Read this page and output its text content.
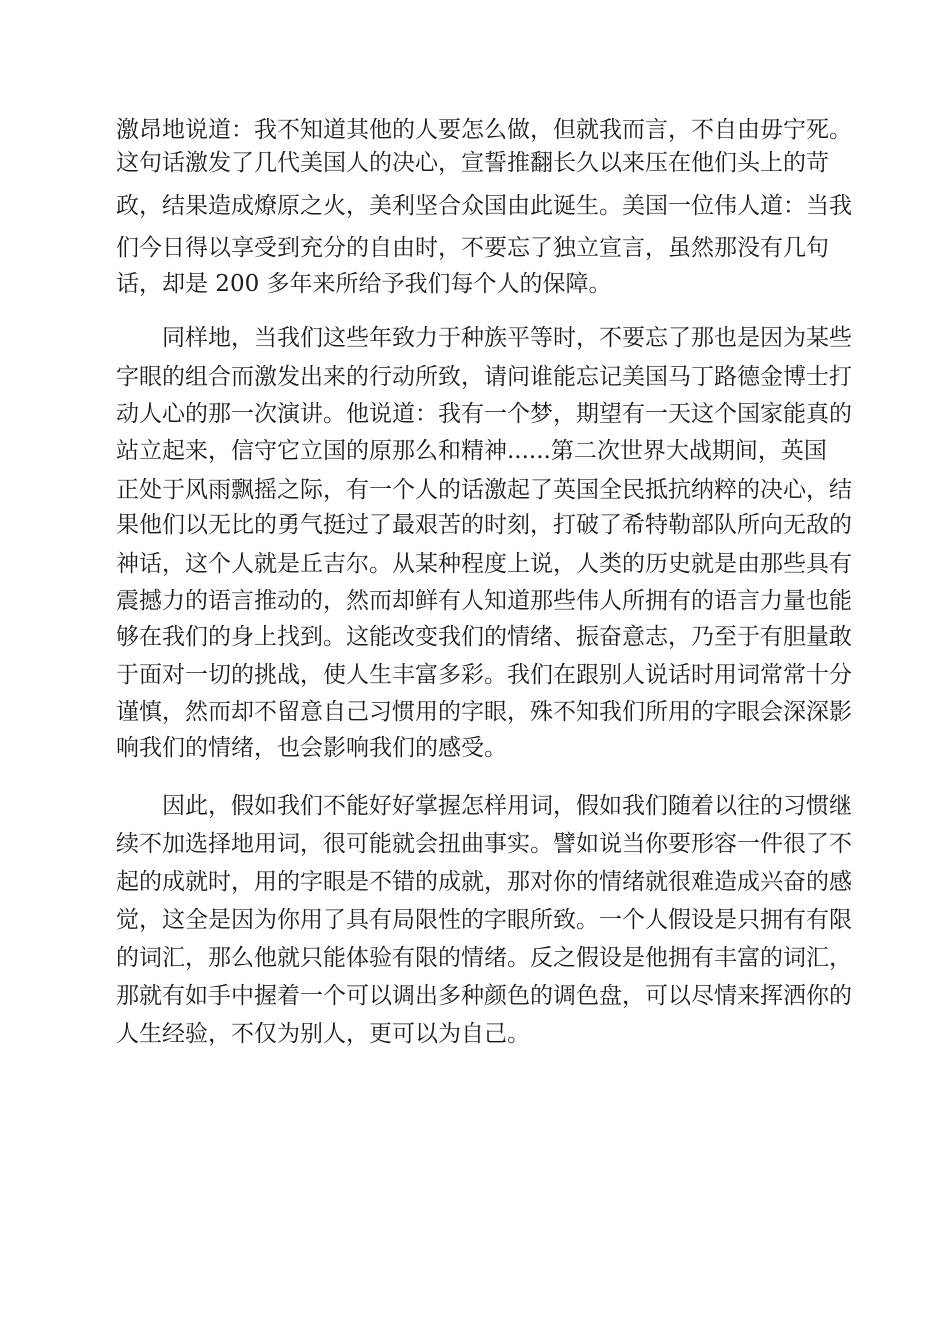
激昂地说道：我不知道其他的人要怎么做，但就我而言，不自由毋宁死。

这句话激发了几代美国人的决心，宣誓推翻长久以来压在他们头上的苛

政，结果造成燎原之火，美利坚合众国由此诞生。美国一位伟人道：当我

们今日得以享受到充分的自由时，不要忘了独立宣言，虽然那没有几句

话，却是 200 多年来所给予我们每个人的保障。

同样地，当我们这些年致力于种族平等时，不要忘了那也是因为某些

字眼的组合而激发出来的行动所致，请问谁能忘记美国马丁路德金博士打

动人心的那一次演讲。他说道：我有一个梦，期望有一天这个国家能真的

站立起来，信守它立国的原那么和精神......第二次世界大战期间，英国

正处于风雨飘摇之际，有一个人的话激起了英国全民抵抗纳粹的决心，结

果他们以无比的勇气挺过了最艰苦的时刻，打破了希特勒部队所向无敌的

神话，这个人就是丘吉尔。从某种程度上说，人类的历史就是由那些具有

震撼力的语言推动的，然而却鲜有人知道那些伟人所拥有的语言力量也能

够在我们的身上找到。这能改变我们的情绪、振奋意志，乃至于有胆量敢

于面对一切的挑战，使人生丰富多彩。我们在跟别人说话时用词常常十分

谨慎，然而却不留意自己习惯用的字眼，殊不知我们所用的字眼会深深影

响我们的情绪，也会影响我们的感受。

因此，假如我们不能好好掌握怎样用词，假如我们随着以往的习惯继

续不加选择地用词，很可能就会扭曲事实。譬如说当你要形容一件很了不

起的成就时，用的字眼是不错的成就，那对你的情绪就很难造成兴奋的感

觉，这全是因为你用了具有局限性的字眼所致。一个人假设是只拥有有限

的词汇，那么他就只能体验有限的情绪。反之假设是他拥有丰富的词汇，

那就有如手中握着一个可以调出多种颜色的调色盘，可以尽情来挥洒你的

人生经验，不仅为别人，更可以为自己。
